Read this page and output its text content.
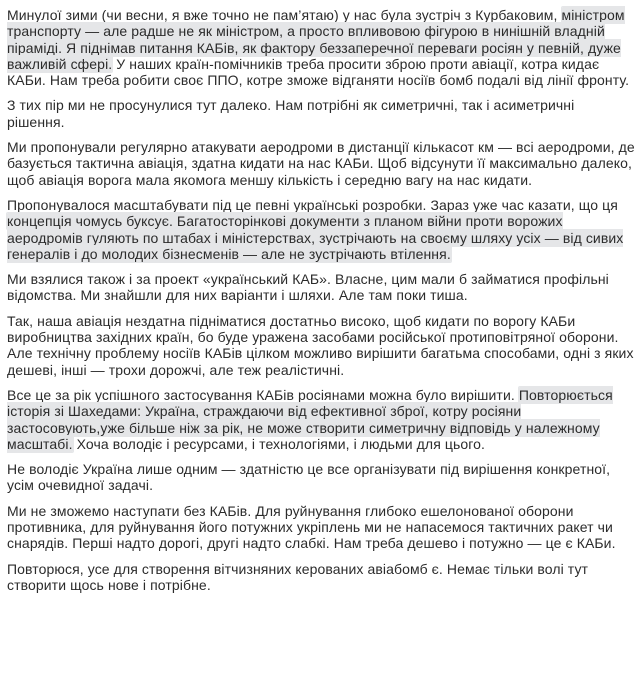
Минулої зими (чи весни, я вже точно не пам’ятаю) у нас була зустріч з Курбаковим, міністром транспорту — але радше не як міністром, а просто впливовою фігурою в нинішній владній піраміді. Я піднімав питання КАБів, як фактору беззаперечної переваги росіян у певній, дуже важливій сфері. У наших країн-помічників треба просити зброю проти авіації, котра кидає КАБи. Нам треба робити своє ППО, котре зможе відганяти носіїв бомб подалі від лінії фронту.

З тих пір ми не просунулися тут далеко. Нам потрібні як симетричні, так і асиметричні рішення.

Ми пропонували регулярно атакувати аеродроми в дистанції кількасот км — всі аеродроми, де базується тактична авіація, здатна кидати на нас КАБи. Щоб відсунути її максимально далеко, щоб авіація ворога мала якомога меншу кількість і середню вагу на нас кидати.

Пропонувалося масштабувати під це певні українські розробки. Зараз уже час казати, що ця концепція чомусь буксує. Багатосторінкові документи з планом війни проти ворожих аеродромів гуляють по штабах і міністерствах, зустрічають на своєму шляху усіх — від сивих генералів і до молодих бізнесменів — але не зустрічають втілення.

Ми взялися також і за проект «український КАБ». Власне, цим мали б займатися профільні відомства. Ми знайшли для них варіанти і шляхи. Але там поки тиша.

Так, наша авіація нездатна підніматися достатньо високо, щоб кидати по ворогу КАБи виробництва західних країн, бо буде уражена засобами російської протиповітряної оборони. Але технічну проблему носіїв КАБів цілком можливо вирішити багатьма способами, одні з яких дешеві, інші — трохи дорожчі, але теж реалістичні.

Все це за рік успішного застосування КАБів росіянами можна було вирішити. Повторюється історія зі Шахедами: Україна, страждаючи від ефективної зброї, котру росіяни застосовують,уже більше ніж за рік, не може створити симетричну відповідь у належному масштабі. Хоча володіє і ресурсами, і технологіями, і людьми для цього.

Не володіє Україна лише одним — здатністю це все організувати під вирішення конкретної, усім очевидної задачі.

Ми не зможемо наступати без КАБів. Для руйнування глибоко ешелонованої оборони противника, для руйнування його потужних укріплень ми не напасемося тактичних ракет чи снарядів. Перші надто дорогі, другі надто слабкі. Нам треба дешево і потужно — це є КАБи.

Повторюся, усе для створення вітчизняних керованих авіабомб є. Немає тільки волі тут створити щось нове і потрібне.
